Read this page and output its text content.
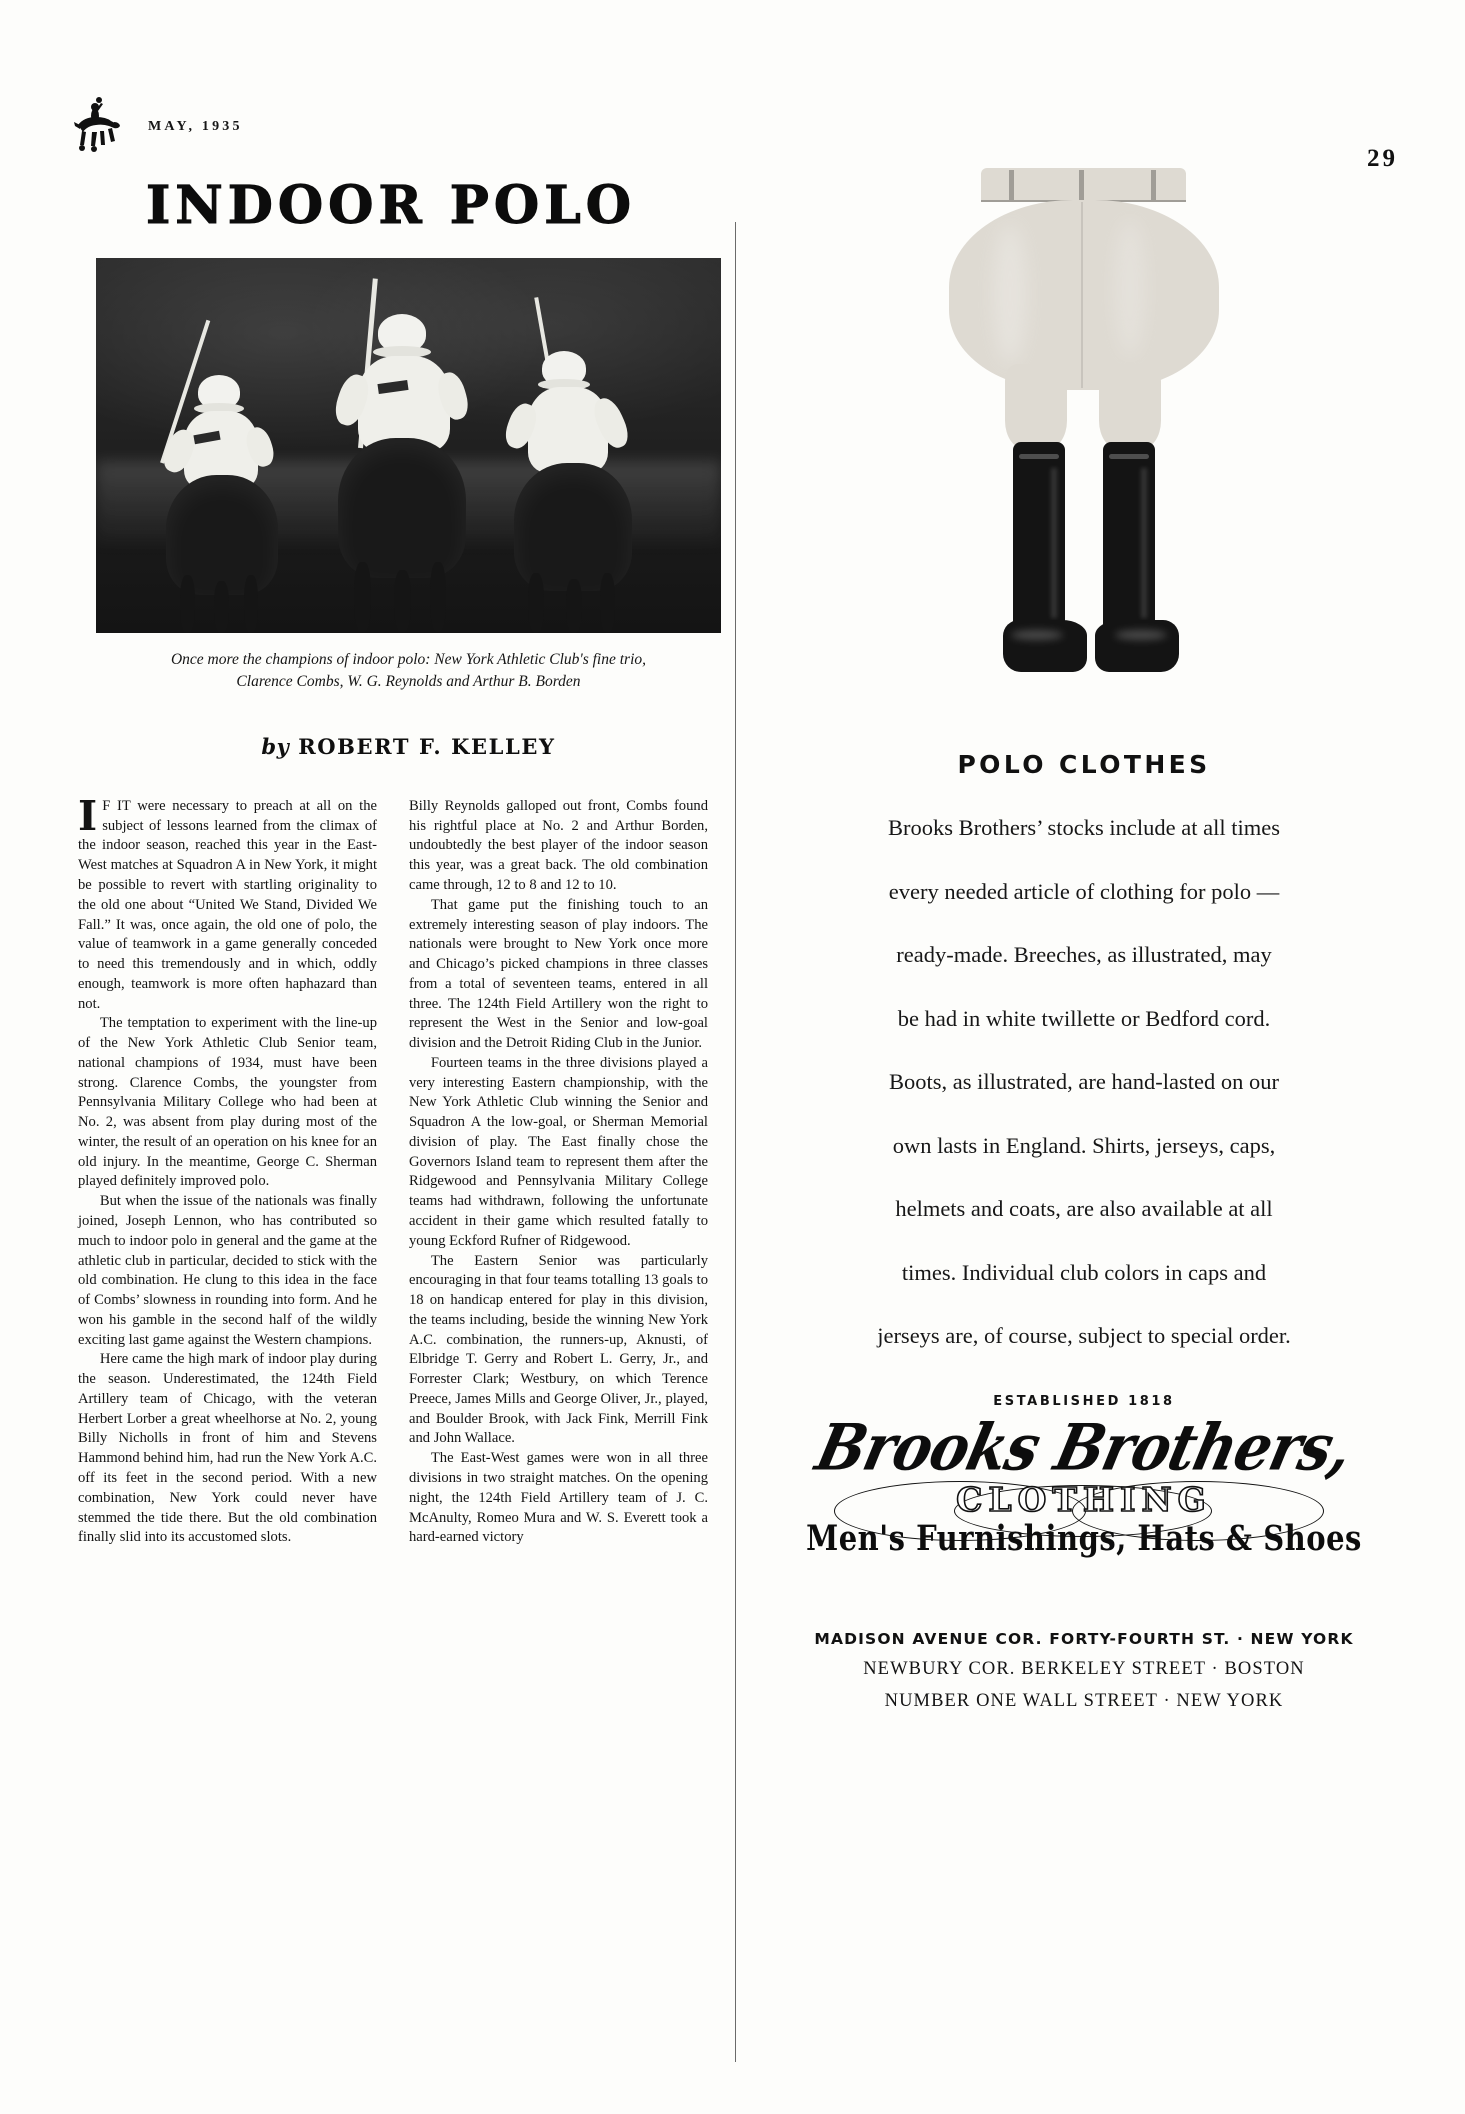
MAY, 1935
29
INDOOR POLO
Once more the champions of indoor polo: New York Athletic Club's fine trio,
Clarence Combs, W. G. Reynolds and Arthur B. Borden
by ROBERT F. KELLEY

IF IT were necessary to preach at all on the subject of lessons learned from the climax of the indoor season, reached this year in the East-West matches at Squadron A in New York, it might be possible to revert with startling originality to the old one about “United We Stand, Divided We Fall.” It was, once again, the old one of polo, the value of teamwork in a game generally conceded to need this tremendously and in which, oddly enough, teamwork is more often haphazard than not.

The temptation to experiment with the line-up of the New York Athletic Club Senior team, national champions of 1934, must have been strong. Clarence Combs, the youngster from Pennsylvania Military College who had been at No. 2, was absent from play during most of the winter, the result of an operation on his knee for an old injury. In the meantime, George C. Sherman played definitely improved polo.

But when the issue of the nationals was finally joined, Joseph Lennon, who has contributed so much to indoor polo in general and the game at the athletic club in particular, decided to stick with the old combination. He clung to this idea in the face of Combs’ slowness in rounding into form. And he won his gamble in the second half of the wildly exciting last game against the Western champions.

Here came the high mark of indoor play during the season. Underestimated, the 124th Field Artillery team of Chicago, with the veteran Herbert Lorber a great wheelhorse at No. 2, young Billy Nicholls in front of him and Stevens Hammond behind him, had run the New York A.C. off its feet in the second period. With a new combination, New York could never have stemmed the tide there. But the old combination finally slid into its accustomed slots.

Billy Reynolds galloped out front, Combs found his rightful place at No. 2 and Arthur Borden, undoubtedly the best player of the indoor season this year, was a great back. The old combination came through, 12 to 8 and 12 to 10.

That game put the finishing touch to an extremely interesting season of play indoors. The nationals were brought to New York once more and Chicago’s picked champions in three classes from a total of seventeen teams, entered in all three. The 124th Field Artillery won the right to represent the West in the Senior and low-goal division and the Detroit Riding Club in the Junior.

Fourteen teams in the three divisions played a very interesting Eastern championship, with the New York Athletic Club winning the Senior and Squadron A the low-goal, or Sherman Memorial division of play. The East finally chose the Governors Island team to represent them after the Ridgewood and Pennsylvania Military College teams had withdrawn, following the unfortunate accident in their game which resulted fatally to young Eckford Rufner of Ridgewood.

The Eastern Senior was particularly encouraging in that four teams totalling 13 goals to 18 on handicap entered for play in this division, the teams including, beside the winning New York A.C. combination, the runners-up, Aknusti, of Elbridge T. Gerry and Robert L. Gerry, Jr., and Forrester Clark; Westbury, on which Terence Preece, James Mills and George Oliver, Jr., played, and Boulder Brook, with Jack Fink, Merrill Fink and John Wallace.

The East-West games were won in all three divisions in two straight matches. On the opening night, the 124th Field Artillery team of J. C. McAnulty, Romeo Mura and W. S. Everett took a hard-earned victory

POLO CLOTHES
Brooks Brothers’ stocks include at all times
every needed article of clothing for polo —
ready-made. Breeches, as illustrated, may
be had in white twillette or Bedford cord.
Boots, as illustrated, are hand-lasted on our
own lasts in England. Shirts, jerseys, caps,
helmets and coats, are also available at all
times. Individual club colors in caps and
jerseys are, of course, subject to special order.
ESTABLISHED 1818
Brooks Brothers,
CLOTHING
Men's Furnishings, Hats & Shoes
MADISON AVENUE COR. FORTY-FOURTH ST. · NEW YORK
NEWBURY COR. BERKELEY STREET · BOSTON
NUMBER ONE WALL STREET · NEW YORK
